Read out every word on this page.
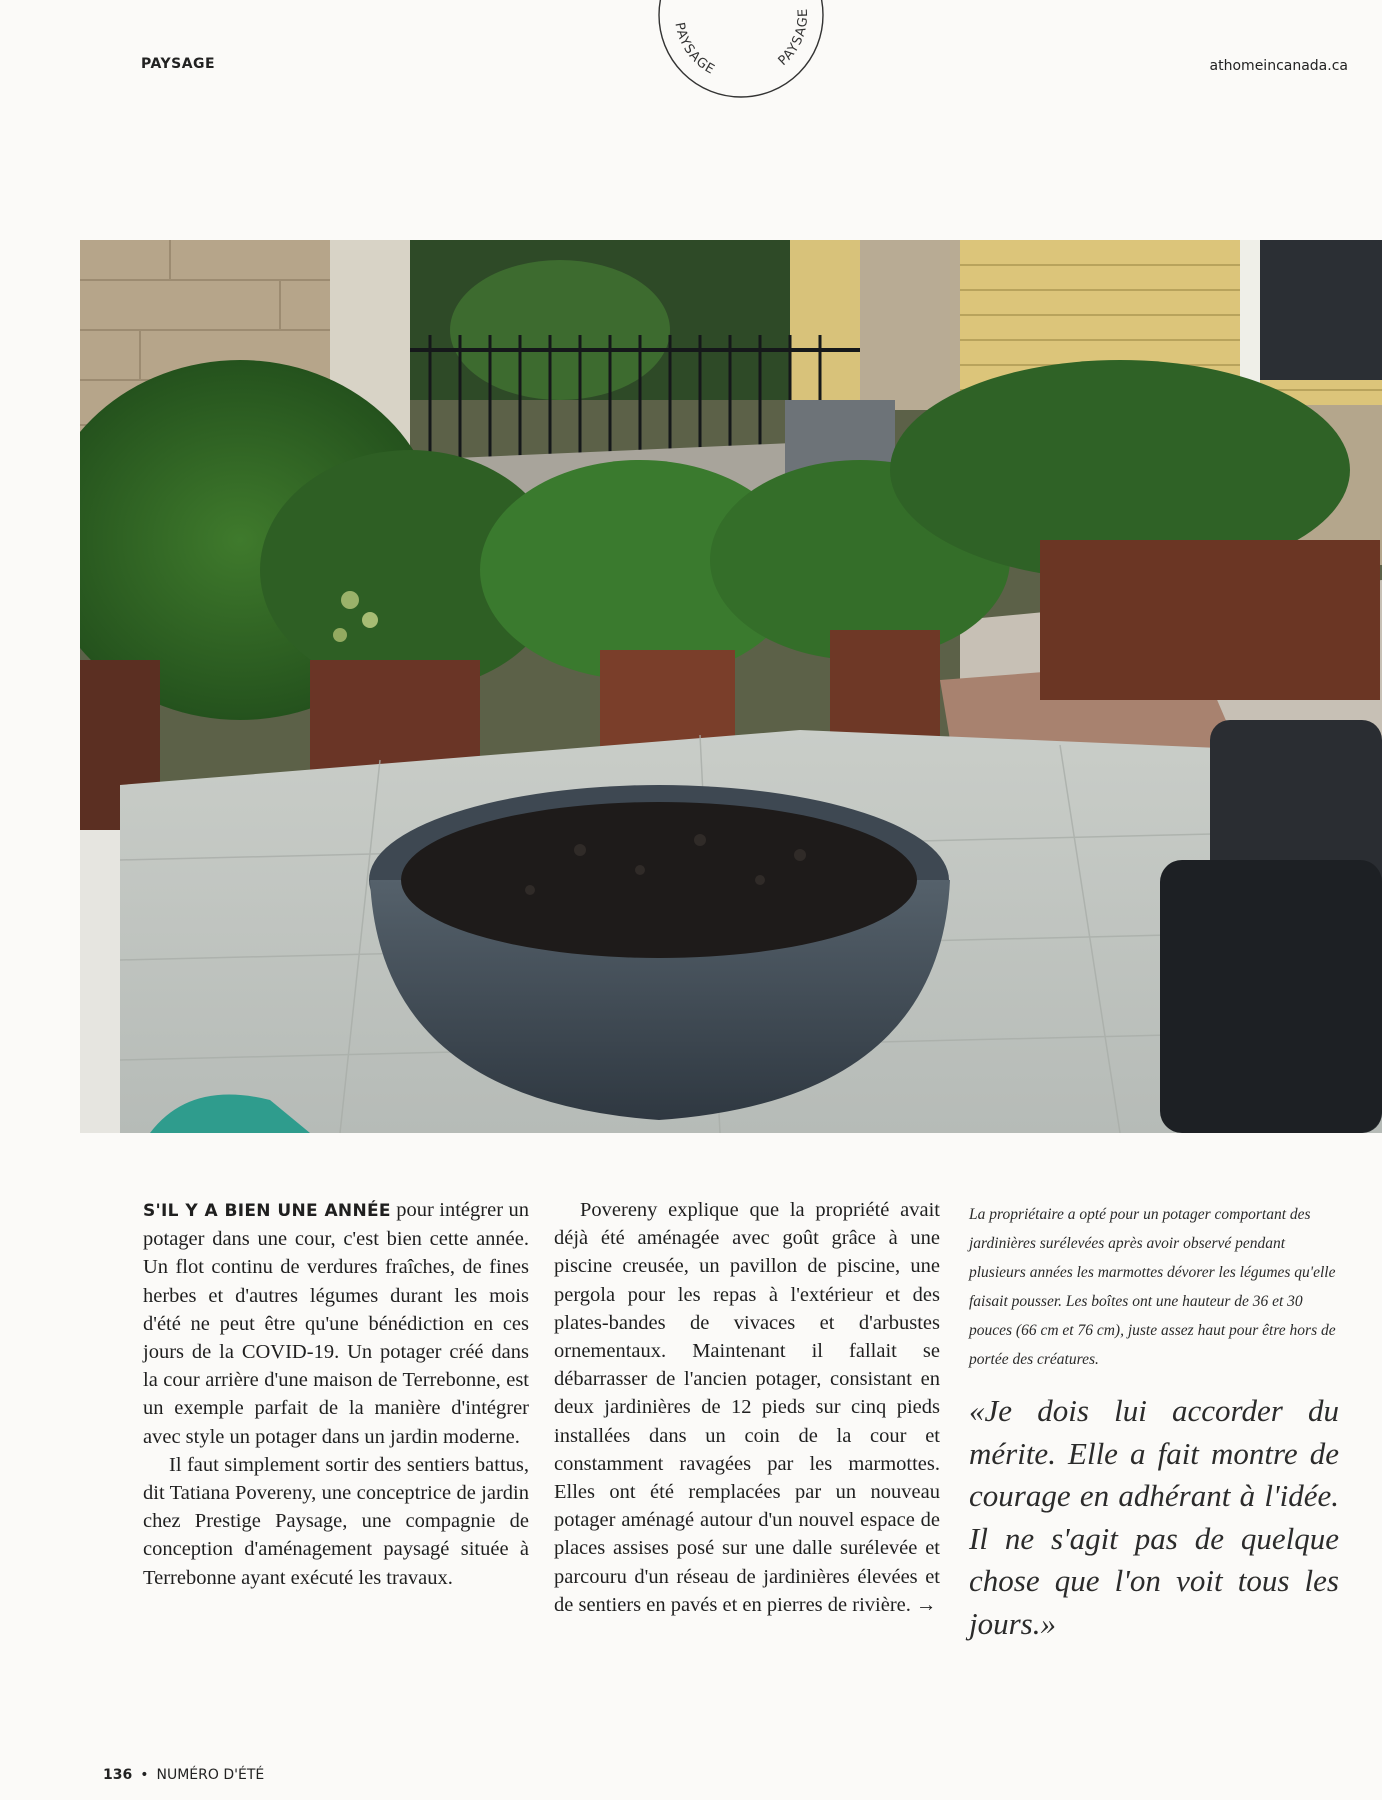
PAYSAGE
PAYSAGE	PAYSAGE
athomeincanada.ca

S'IL Y A BIEN UNE ANNÉE pour intégrer un potager dans une cour, c'est bien cette année. Un flot continu de verdures fraîches, de fines herbes et d'autres légumes durant les mois d'été ne peut être qu'une bénédiction en ces jours de la COVID-19. Un potager créé dans la cour arrière d'une maison de Terrebonne, est un exemple parfait de la manière d'intégrer avec style un potager dans un jardin moderne.

Il faut simplement sortir des sentiers battus, dit Tatiana Povereny, une conceptrice de jardin chez Prestige Paysage, une compagnie de conception d'aménagement paysagé située à Terrebonne ayant exécuté les travaux.

Povereny explique que la propriété avait déjà été aménagée avec goût grâce à une piscine creusée, un pavillon de piscine, une pergola pour les repas à l'extérieur et des plates-bandes de vivaces et d'arbustes ornementaux. Maintenant il fallait se débarrasser de l'ancien potager, consistant en deux jardinières de 12 pieds sur cinq pieds installées dans un coin de la cour et constamment ravagées par les marmottes. Elles ont été remplacées par un nouveau potager aménagé autour d'un nouvel espace de places assises posé sur une dalle surélevée et parcouru d'un réseau de jardinières élevées et de sentiers en pavés et en pierres de rivière. →

La propriétaire a opté pour un potager comportant des jardinières surélevées après avoir observé pendant plusieurs années les marmottes dévorer les légumes qu'elle faisait pousser. Les boîtes ont une hauteur de 36 et 30 pouces (66 cm et 76 cm), juste assez haut pour être hors de portée des créatures.
«Je dois lui accorder du mérite. Elle a fait montre de courage en adhérant à l'idée. Il ne s'agit pas de quelque chose que l'on voit tous les jours.»
136 • NUMÉRO D'ÉTÉ
